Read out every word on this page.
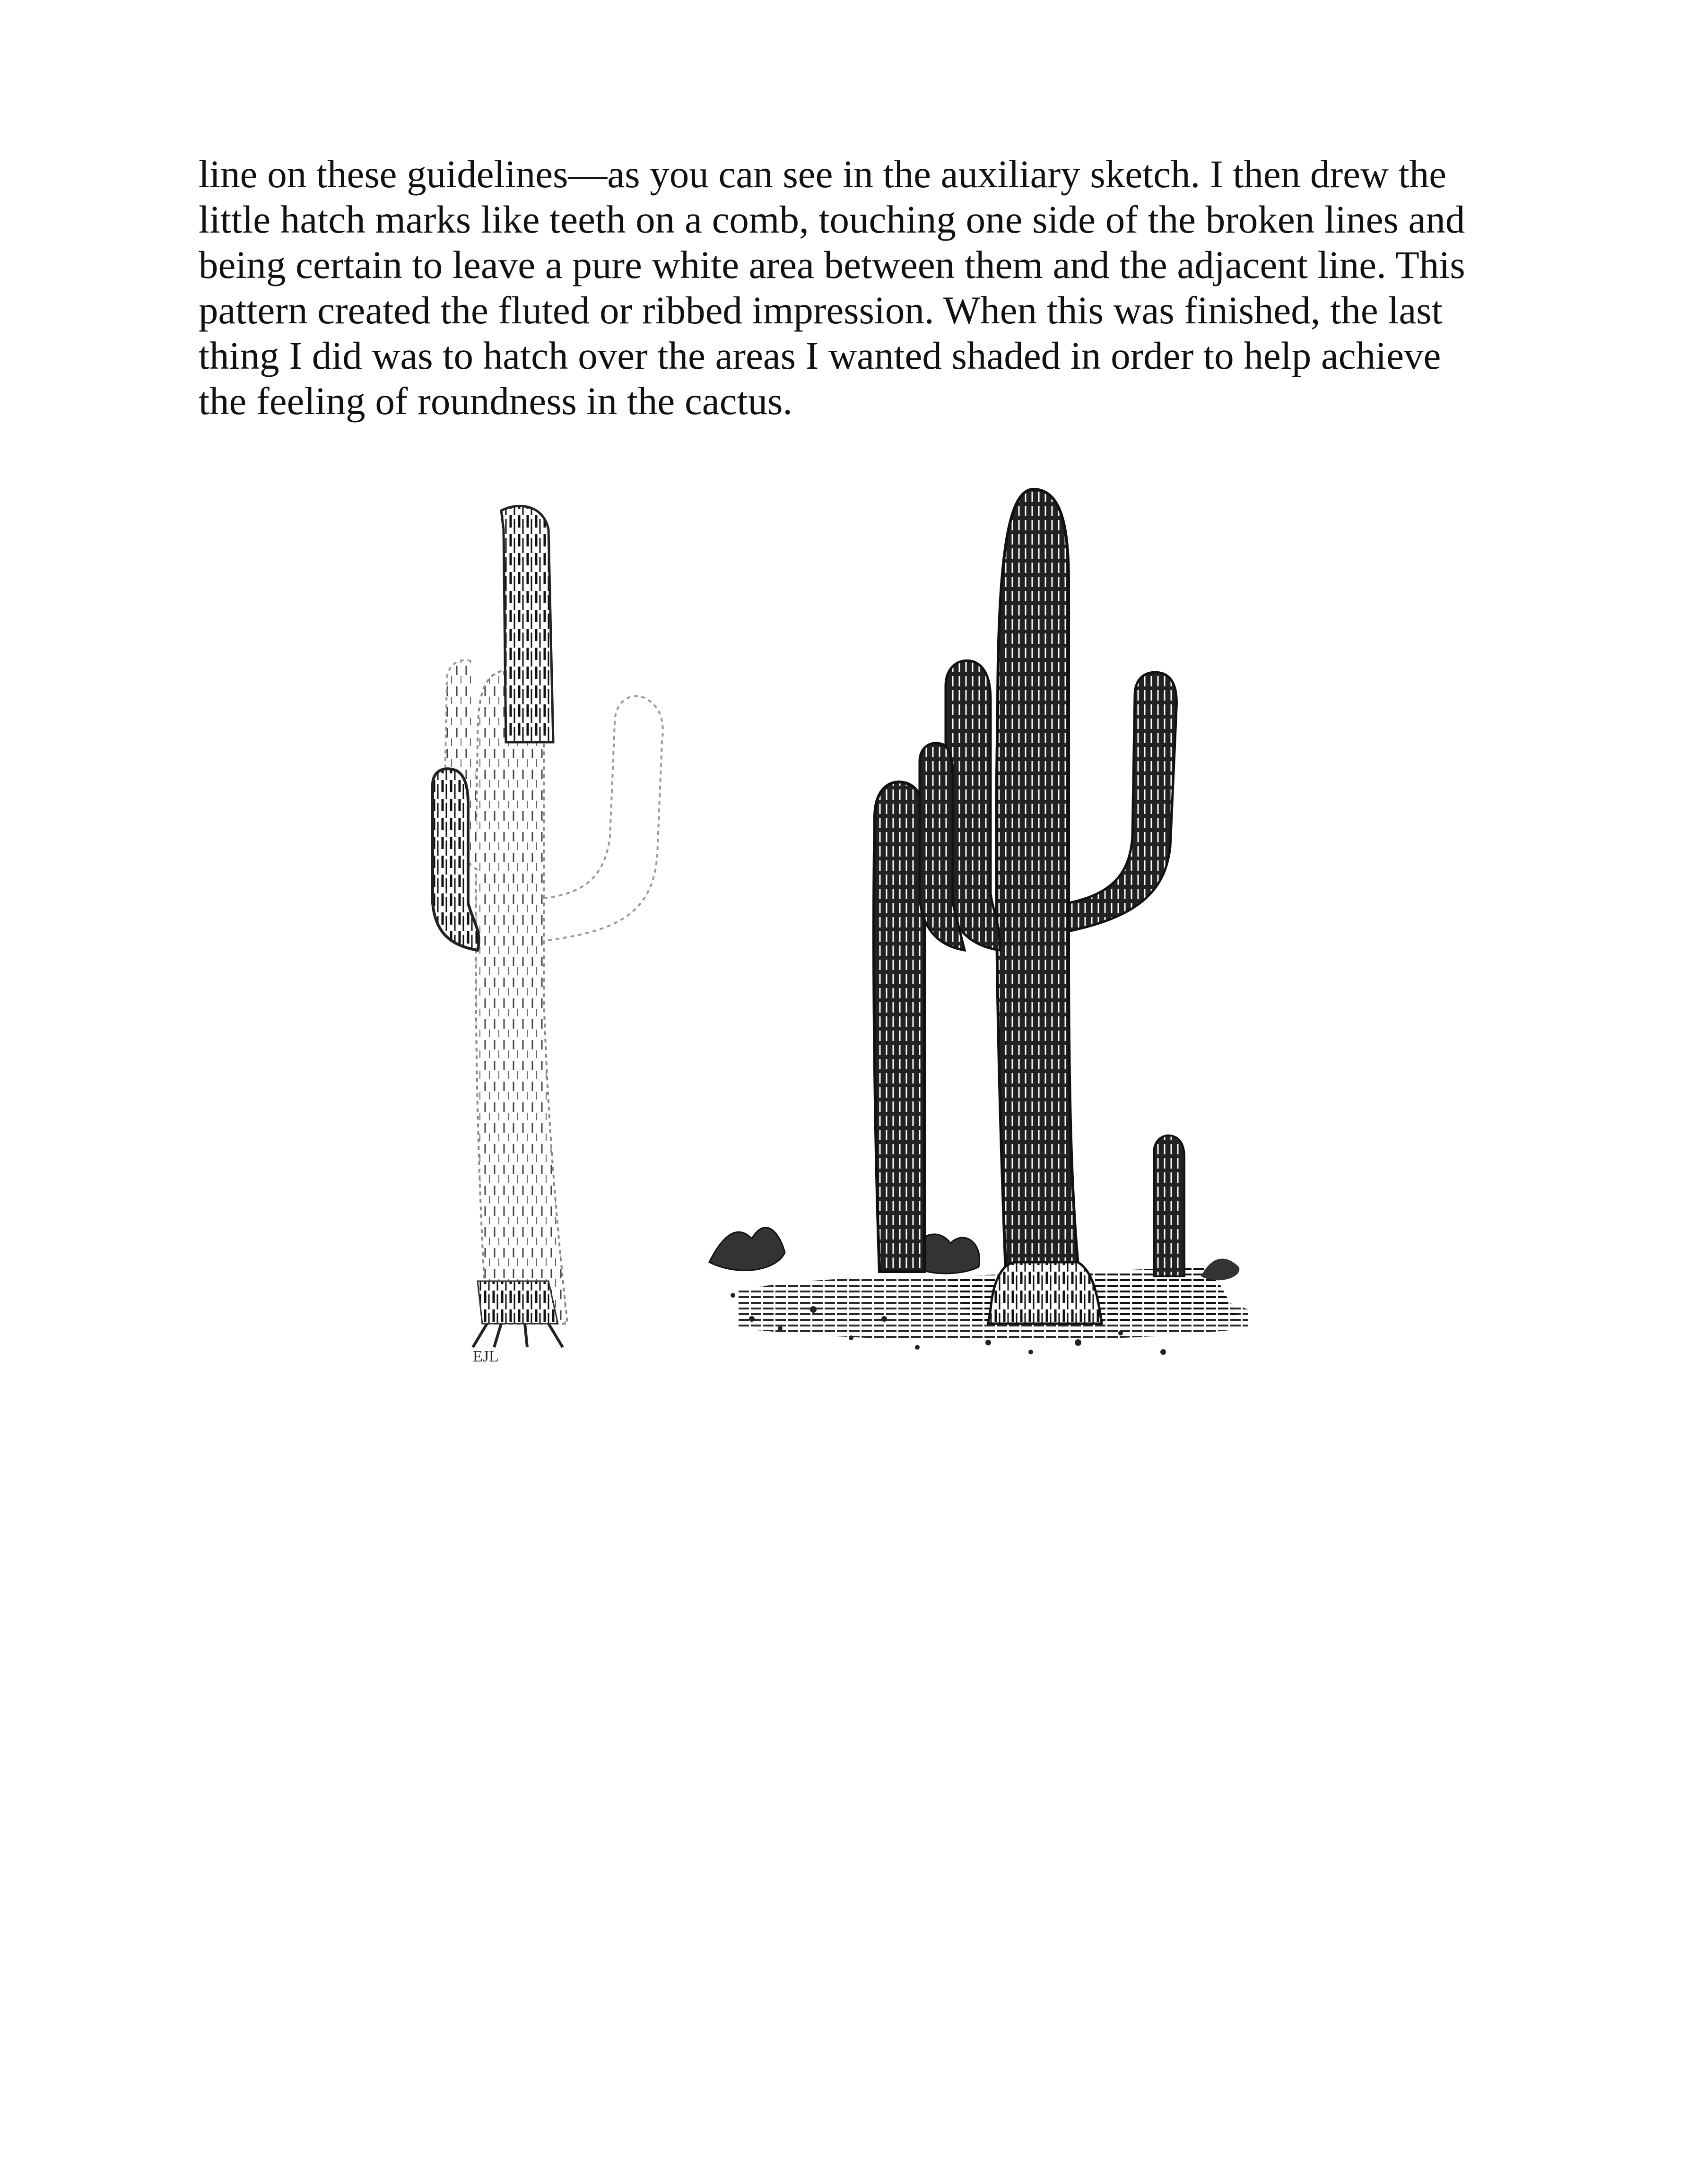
line on these guidelines—as you can see in the auxiliary sketch. I then drew the
little hatch marks like teeth on a comb, touching one side of the broken lines and
being certain to leave a pure white area between them and the adjacent line. This
pattern created the fluted or ribbed impression. When this was finished, the last
thing I did was to hatch over the areas I wanted shaded in order to help achieve
the feeling of roundness in the cactus.
EJL
